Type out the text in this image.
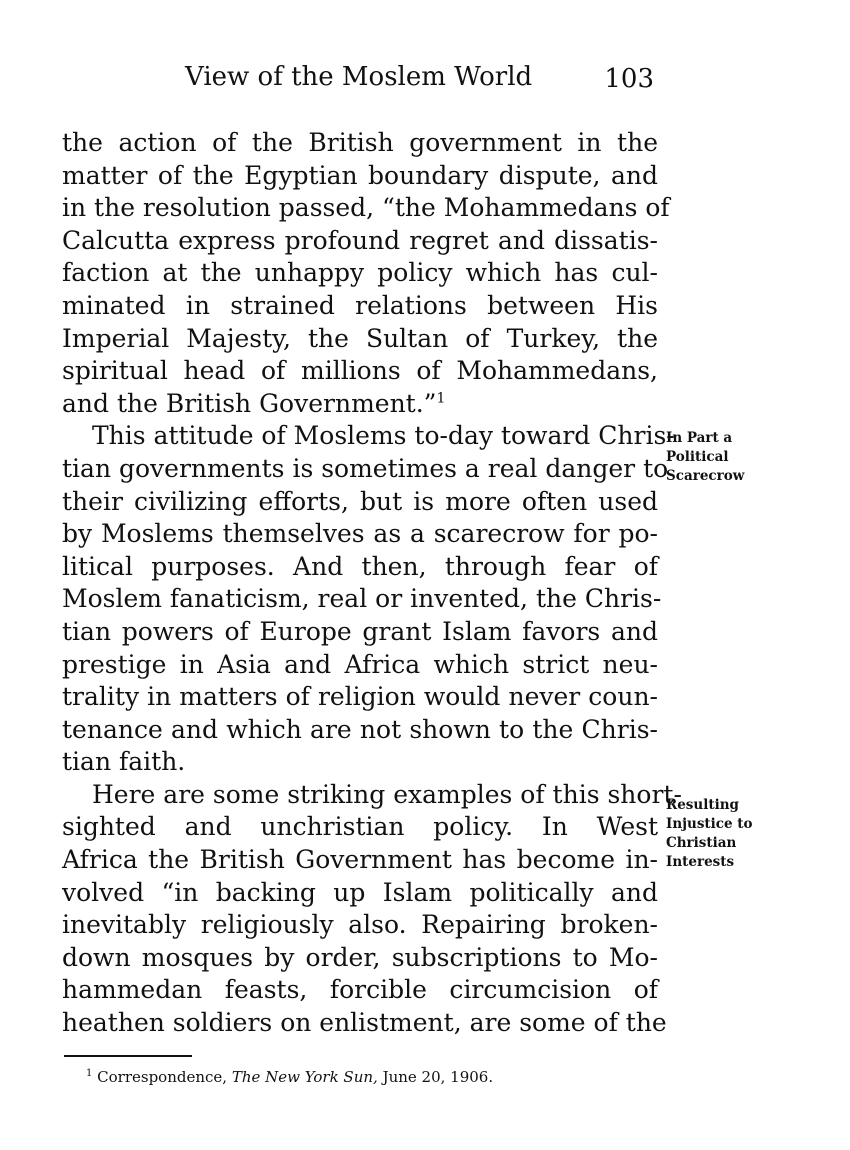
View of the Moslem World	103
the action of the British government in the
matter of the Egyptian boundary dispute, and
in the resolution passed, “the Mohammedans of
Calcutta express profound regret and dissatis-
faction at the unhappy policy which has cul-
minated in strained relations between His
Imperial Majesty, the Sultan of Turkey, the
spiritual head of millions of Mohammedans,
and the British Government.”$^1$
This attitude of Moslems to-day toward Chris-
tian governments is sometimes a real danger to
their civilizing efforts, but is more often used
by Moslems themselves as a scarecrow for po-
litical purposes. And then, through fear of
Moslem fanaticism, real or invented, the Chris-
tian powers of Europe grant Islam favors and
prestige in Asia and Africa which strict neu-
trality in matters of religion would never coun-
tenance and which are not shown to the Chris-
tian faith.
Here are some striking examples of this short-
sighted and unchristian policy. In West
Africa the British Government has become in-
volved “in backing up Islam politically and
inevitably religiously also. Repairing broken-
down mosques by order, subscriptions to Mo-
hammedan feasts, forcible circumcision of
heathen soldiers on enlistment, are some of the
In Part a
Political
Scarecrow
Resulting
Injustice to
Christian
Interests
$^1$ Correspondence, The New York Sun, June 20, 1906.
